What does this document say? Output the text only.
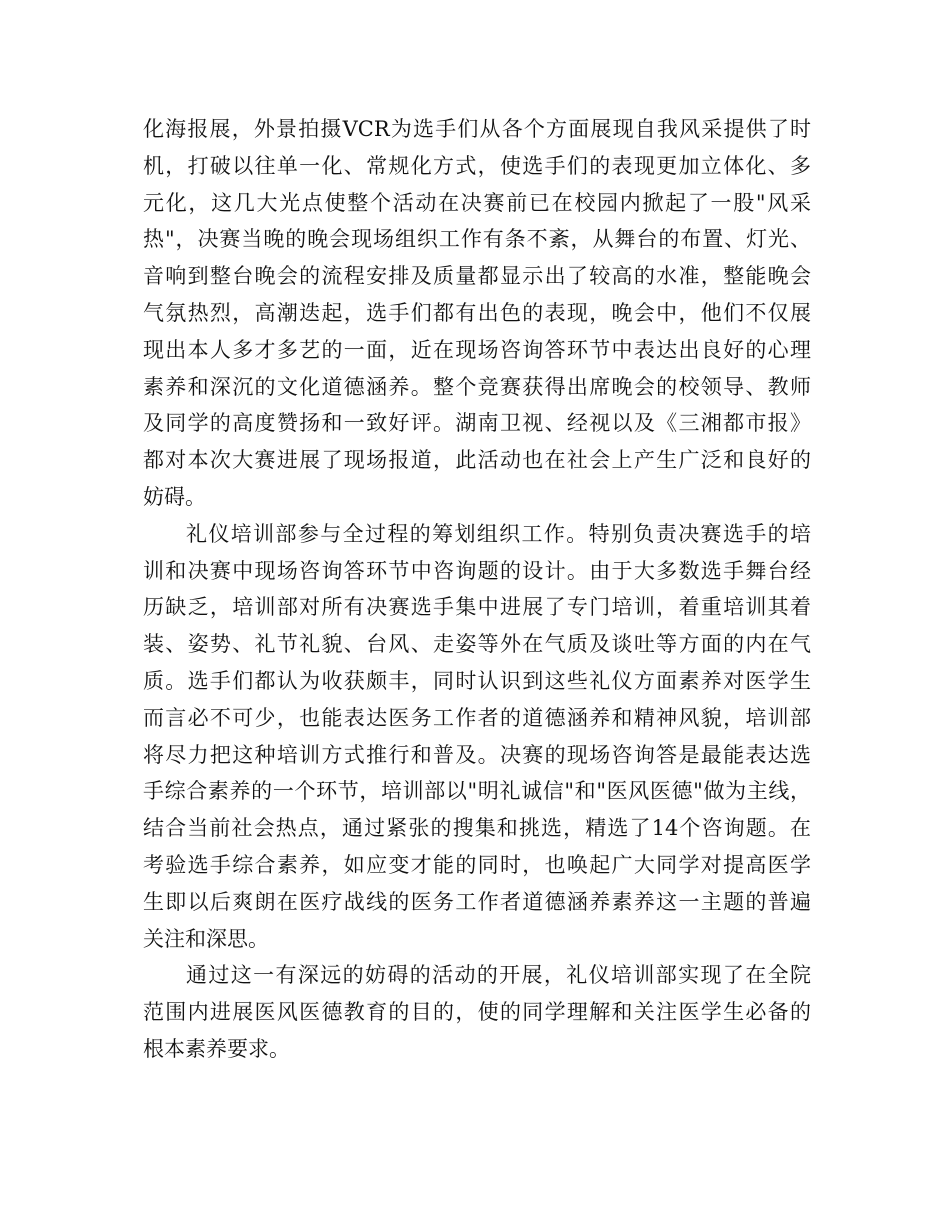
化海报展，外景拍摄VCR为选手们从各个方面展现自我风采提供了时
机，打破以往单一化、常规化方式，使选手们的表现更加立体化、多
元化，这几大光点使整个活动在决赛前已在校园内掀起了一股"风采
热"，决赛当晚的晚会现场组织工作有条不紊，从舞台的布置、灯光、
音响到整台晚会的流程安排及质量都显示出了较高的水准，整能晚会
气氛热烈，高潮迭起，选手们都有出色的表现，晚会中，他们不仅展
现出本人多才多艺的一面，近在现场咨询答环节中表达出良好的心理
素养和深沉的文化道德涵养。整个竞赛获得出席晚会的校领导、教师
及同学的高度赞扬和一致好评。湖南卫视、经视以及《三湘都市报》
都对本次大赛进展了现场报道，此活动也在社会上产生广泛和良好的
妨碍。
礼仪培训部参与全过程的筹划组织工作。特别负责决赛选手的培
训和决赛中现场咨询答环节中咨询题的设计。由于大多数选手舞台经
历缺乏，培训部对所有决赛选手集中进展了专门培训，着重培训其着
装、姿势、礼节礼貌、台风、走姿等外在气质及谈吐等方面的内在气
质。选手们都认为收获颇丰，同时认识到这些礼仪方面素养对医学生
而言必不可少，也能表达医务工作者的道德涵养和精神风貌，培训部
将尽力把这种培训方式推行和普及。决赛的现场咨询答是最能表达选
手综合素养的一个环节，培训部以"明礼诚信"和"医风医德"做为主线，
结合当前社会热点，通过紧张的搜集和挑选，精选了14个咨询题。在
考验选手综合素养，如应变才能的同时，也唤起广大同学对提高医学
生即以后爽朗在医疗战线的医务工作者道德涵养素养这一主题的普遍
关注和深思。
通过这一有深远的妨碍的活动的开展，礼仪培训部实现了在全院
范围内进展医风医德教育的目的，使的同学理解和关注医学生必备的
根本素养要求。
